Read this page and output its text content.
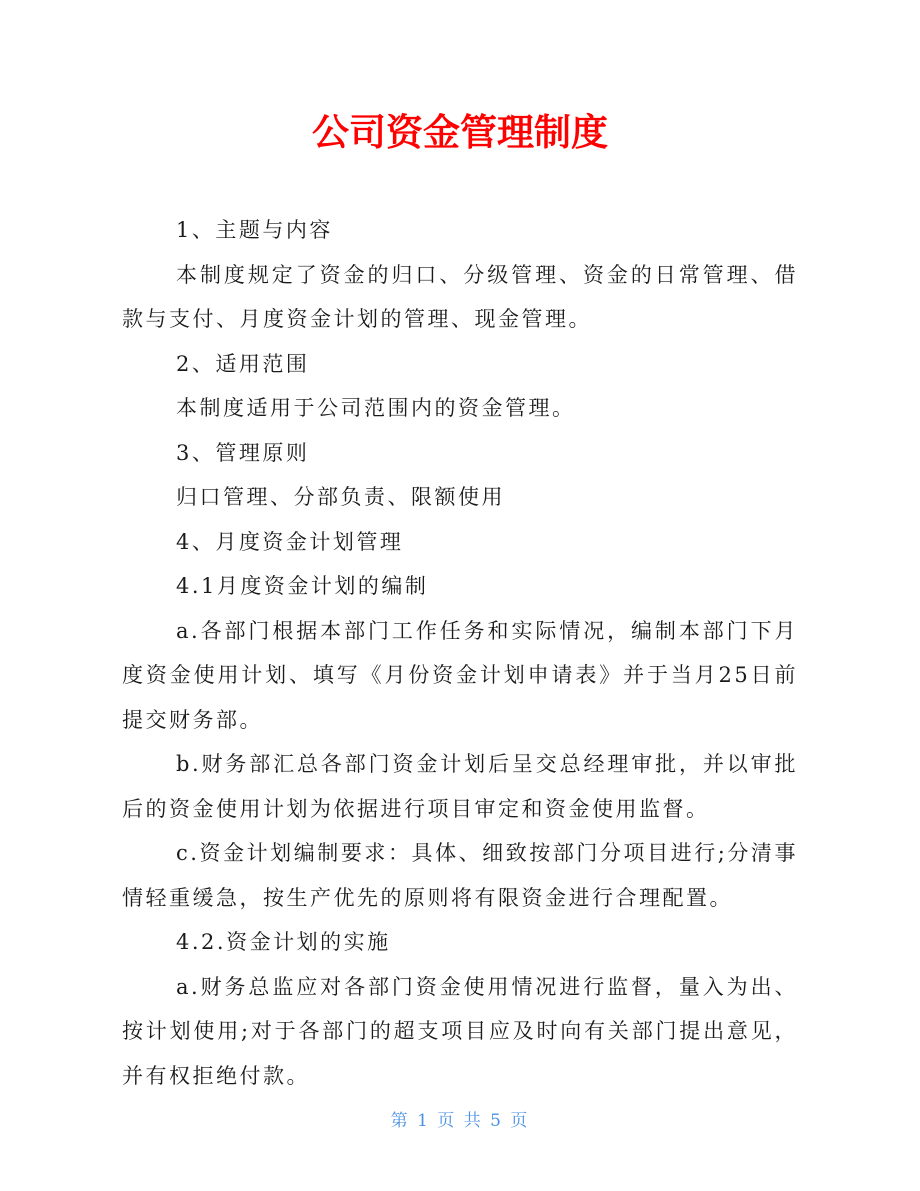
公司资金管理制度

1、主题与内容

本制度规定了资金的归口、分级管理、资金的日常管理、借款与支付、月度资金计划的管理、现金管理。

2、适用范围

本制度适用于公司范围内的资金管理。

3、管理原则

归口管理、分部负责、限额使用

4、月度资金计划管理

4.1月度资金计划的编制

a.各部门根据本部门工作任务和实际情况，编制本部门下月度资金使用计划、填写《月份资金计划申请表》并于当月25日前提交财务部。

b.财务部汇总各部门资金计划后呈交总经理审批，并以审批后的资金使用计划为依据进行项目审定和资金使用监督。

c.资金计划编制要求：具体、细致按部门分项目进行;分清事情轻重缓急，按生产优先的原则将有限资金进行合理配置。

4.2.资金计划的实施

a.财务总监应对各部门资金使用情况进行监督，量入为出、按计划使用;对于各部门的超支项目应及时向有关部门提出意见，并有权拒绝付款。

第 1 页 共 5 页
